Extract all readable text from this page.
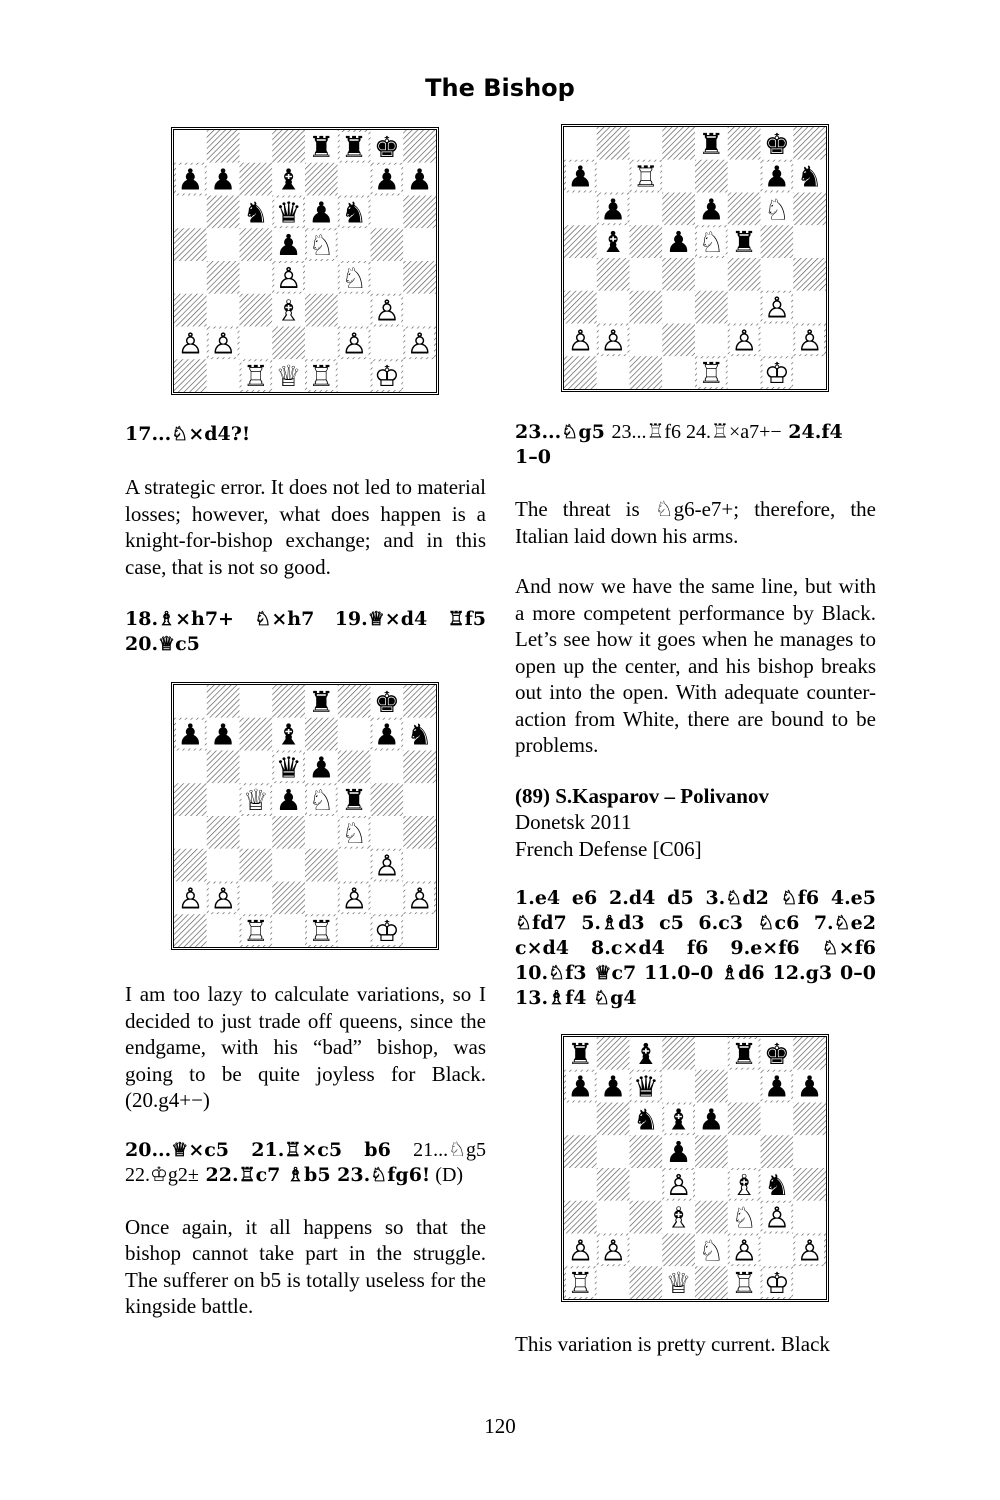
The Bishop
♜ ♜ ♚
♟ ♟ ♝ ♟ ♟
♞ ♛ ♟ ♞
♟ ♘
♙ ♘
♗ ♙
♙ ♙	♙ ♙
♖ ♕ ♖ ♔

17...♘×d4?!

A strategic error. It does not led to material losses; however, what does happen is a knight-for-bishop exchange; and in this case, that is not so good.

18.♗×h7+ ♘×h7 19.♕×d4 ♖f5 20.♕c5

♜ ♚
♟ ♟ ♝ ♟ ♞
♛ ♟
♕ ♟ ♘ ♜
♘
♙
♙ ♙	♙ ♙
♖ ♖ ♔

I am too lazy to calculate variations, so I decided to just trade off queens, since the endgame, with his “bad” bishop, was going to be quite joyless for Black. (20.g4+−)

20...♕×c5 21.♖×c5 b6 21...♘g5 22.♔g2± 22.♖c7 ♗b5 23.♘fg6! (D)

Once again, it all happens so that the bishop cannot take part in the struggle. The sufferer on b5 is totally useless for the kingside battle.

♜ ♚
♟ ♖	♟ ♞
♟ ♟ ♘
♝ ♟ ♘ ♜
♙
♙ ♙	♙ ♙
♖ ♔

23...♘g5 23...♖f6 24.♖×a7+− 24.f4
1–0

The threat is ♘g6-e7+; therefore, the Italian laid down his arms.

And now we have the same line, but with a more competent performance by Black. Let’s see how it goes when he manages to open up the center, and his bishop breaks out into the open. With adequate counter-action from White, there are bound to be problems.

(89) S.Kasparov – Polivanov

Donetsk 2011

French Defense [C06]

1.e4 e6 2.d4 d5 3.♘d2 ♘f6 4.e5 ♘fd7 5.♗d3 c5 6.c3 ♘c6 7.♘e2 c×d4 8.c×d4 f6 9.e×f6 ♘×f6 10.♘f3 ♕c7 11.0–0 ♗d6 12.g3 0–0 13.♗f4 ♘g4

♜ ♝ ♜ ♚
♟ ♟ ♛	♟ ♟
♞ ♝ ♟
♟
♙ ♗ ♞
♗ ♘ ♙
♙ ♙ ♘ ♙ ♙
♖ ♕ ♖ ♔

This variation is pretty current. Black

120
